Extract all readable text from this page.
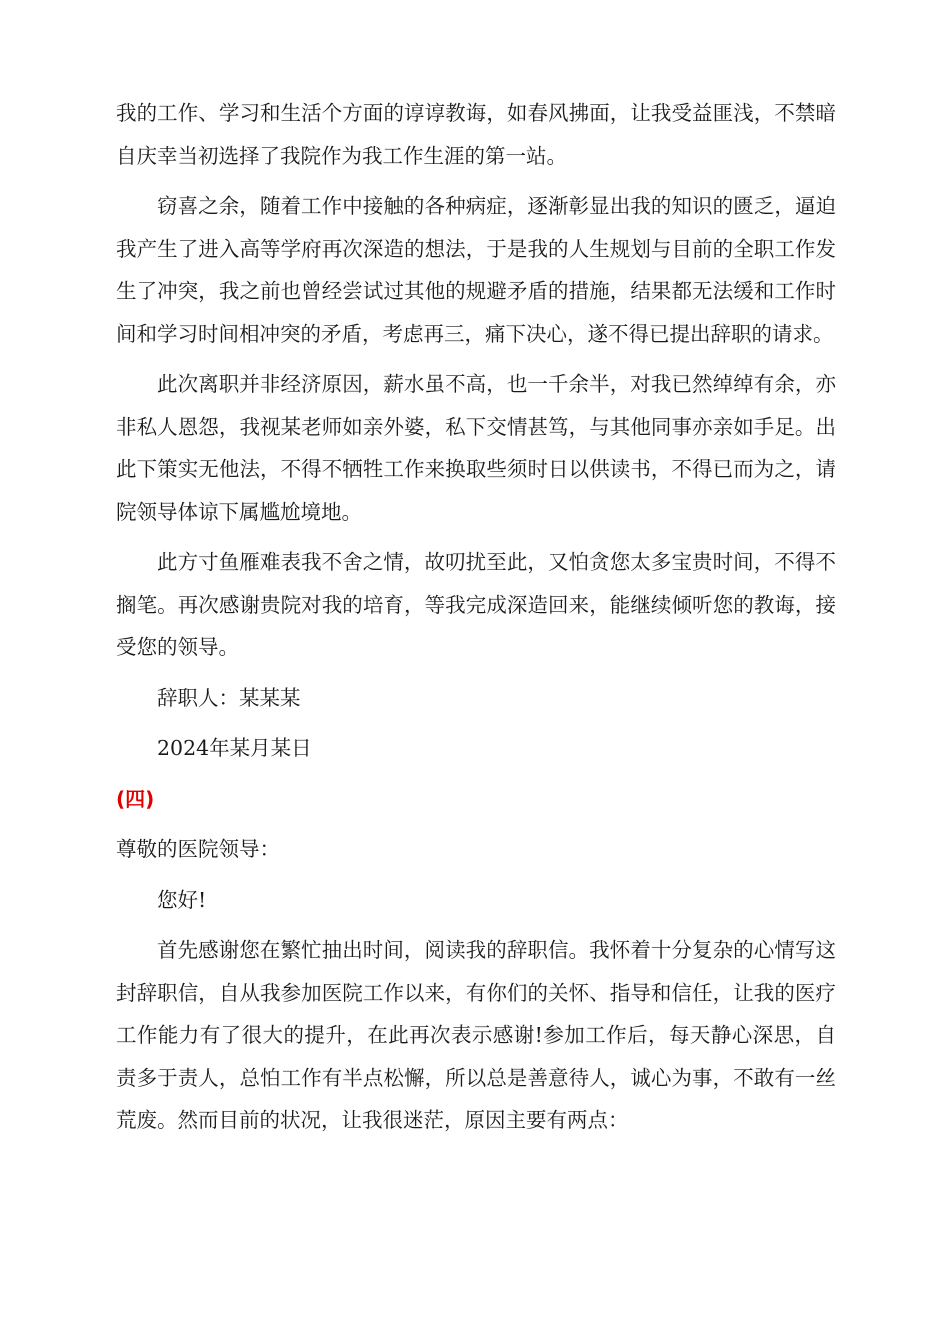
我的工作、学习和生活个方面的谆谆教诲，如春风拂面，让我受益匪浅，不禁暗自庆幸当初选择了我院作为我工作生涯的第一站。

窃喜之余，随着工作中接触的各种病症，逐渐彰显出我的知识的匮乏，逼迫我产生了进入高等学府再次深造的想法，于是我的人生规划与目前的全职工作发生了冲突，我之前也曾经尝试过其他的规避矛盾的措施，结果都无法缓和工作时间和学习时间相冲突的矛盾，考虑再三，痛下决心，遂不得已提出辞职的请求。

此次离职并非经济原因，薪水虽不高，也一千余半，对我已然绰绰有余，亦非私人恩怨，我视某老师如亲外婆，私下交情甚笃，与其他同事亦亲如手足。出此下策实无他法，不得不牺牲工作来换取些须时日以供读书，不得已而为之，请院领导体谅下属尴尬境地。

此方寸鱼雁难表我不舍之情，故叨扰至此，又怕贪您太多宝贵时间，不得不搁笔。再次感谢贵院对我的培育，等我完成深造回来，能继续倾听您的教诲，接受您的领导。

辞职人：某某某

2024年某月某日

(四)

尊敬的医院领导：

您好!

首先感谢您在繁忙抽出时间，阅读我的辞职信。我怀着十分复杂的心情写这封辞职信，自从我参加医院工作以来，有你们的关怀、指导和信任，让我的医疗工作能力有了很大的提升，在此再次表示感谢!参加工作后，每天静心深思，自责多于责人，总怕工作有半点松懈，所以总是善意待人，诚心为事，不敢有一丝荒废。然而目前的状况，让我很迷茫，原因主要有两点：
